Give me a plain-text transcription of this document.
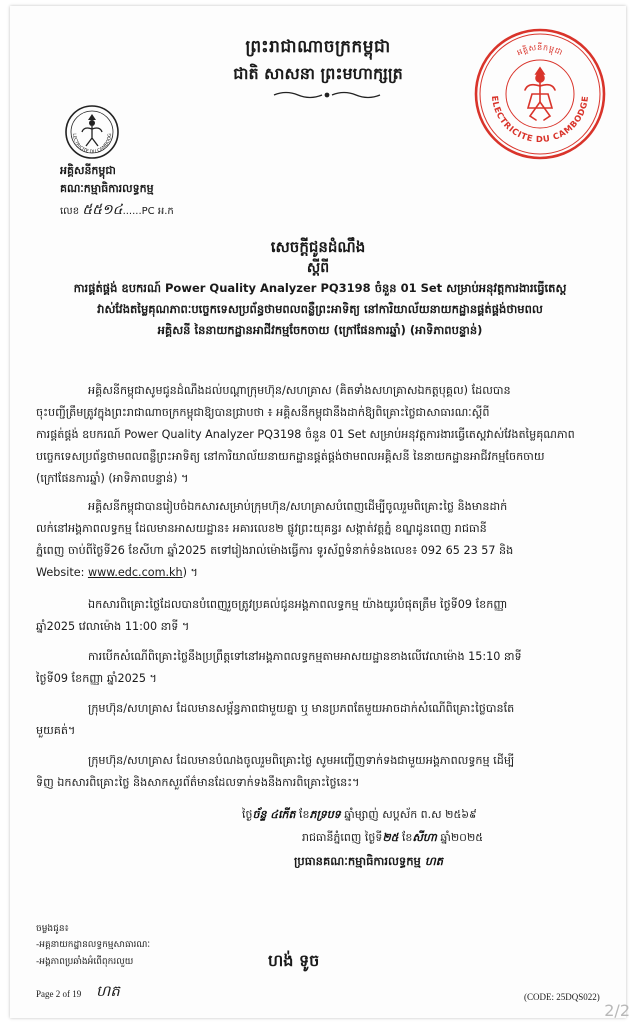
ព្រះរាជាណាចក្រកម្ពុជា
ជាតិ សាសនា ព្រះមហាក្សត្រ
ELECTRICITE DU CAMBODGE
អគ្គិសនីកម្ពុជា
LECTRICITE DU CAMBODG
អគ្គិសនីកម្ពុជា
គណៈកម្មាធិការលទ្ធកម្ម
លេខ ៥៥១៤......PC អ.ក
សេចក្តីជូនដំណឹង
ស្តីពី
ការផ្គត់ផ្គង់ ឧបករណ៍ Power Quality Analyzer PQ3198 ចំនួន 01 Set សម្រាប់អនុវត្តការងារធ្វើតេស្ត
វាស់វែងតម្លៃគុណភាពៈបច្ចេកទេសប្រព័ន្ធថាមពលពន្លឺព្រះអាទិត្យ នៅការិយាល័យនាយកដ្ឋានផ្គត់ផ្គង់ថាមពល
អគ្គិសនី នៃនាយកដ្ឋានអាជីវកម្មចែកចាយ (ក្រៅផែនការឆ្នាំ) (អាទិភាពបន្ទាន់)
អគ្គិសនីកម្ពុជាសូមជូនដំណឹងដល់បណ្តាក្រុមហ៊ុន/សហគ្រាស (គិតទាំងសហគ្រាសឯកត្តបុគ្គល) ដែលបាន
ចុះបញ្ជីត្រឹមត្រូវក្នុងព្រះរាជាណាចក្រកម្ពុជាឱ្យបានជ្រាបថា ៖ អគ្គិសនីកម្ពុជានឹងដាក់ឱ្យពិគ្រោះថ្លៃជាសាធារណៈស្តីពី
ការផ្គត់ផ្គង់ ឧបករណ៍ Power Quality Analyzer PQ3198 ចំនួន 01 Set សម្រាប់អនុវត្តការងារធ្វើតេស្តវាស់វែងតម្លៃគុណភាព
បច្ចេកទេសប្រព័ន្ធថាមពលពន្លឺព្រះអាទិត្យ នៅការិយាល័យនាយកដ្ឋានផ្គត់ផ្គង់ថាមពលអគ្គិសនី នៃនាយកដ្ឋានអាជីវកម្មចែកចាយ
(ក្រៅផែនការឆ្នាំ) (អាទិភាពបន្ទាន់) ។
អគ្គិសនីកម្ពុជាបានរៀបចំឯកសារសម្រាប់ក្រុមហ៊ុន/សហគ្រាសបំពេញដើម្បីចូលរួមពិគ្រោះថ្លៃ និងមានដាក់
លក់នៅអង្គភាពលទ្ធកម្ម ដែលមានអាសយដ្ឋាន៖ អគារលេខ២ ផ្លូវព្រះយុគន្ធរ សង្កាត់វត្តភ្នំ ខណ្ឌដូនពេញ រាជធានី
ភ្នំពេញ ចាប់ពីថ្ងៃទី26 ខែសីហា ឆ្នាំ2025 តទៅរៀងរាល់ម៉ោងធ្វើការ ទូរស័ព្ទទំនាក់ទំនងលេខ៖ 092 65 23 57 និង
Website: www.edc.com.kh) ។
ឯកសារពិគ្រោះថ្លៃដែលបានបំពេញរួចត្រូវប្រគល់ជូនអង្គភាពលទ្ធកម្ម យ៉ាងយូរបំផុតត្រឹម ថ្ងៃទី09 ខែកញ្ញា
ឆ្នាំ2025 វេលាម៉ោង 11:00 នាទី ។
ការបើកសំណើពិគ្រោះថ្លៃនឹងប្រព្រឹត្តទៅនៅអង្គភាពលទ្ធកម្មតាមអាសយដ្ឋានខាងលើវេលាម៉ោង 15:10 នាទី
ថ្ងៃទី09 ខែកញ្ញា ឆ្នាំ2025 ។
ក្រុមហ៊ុន/សហគ្រាស ដែលមានសម្ព័ន្ធភាពជាមួយគ្នា ឬ មានប្រភពតែមួយអាចដាក់សំណើពិគ្រោះថ្លៃបានតែ
មួយគត់។
ក្រុមហ៊ុន/សហគ្រាស ដែលមានបំណងចូលរួមពិគ្រោះថ្លៃ សូមអញ្ជើញទាក់ទងជាមួយអង្គភាពលទ្ធកម្ម ដើម្បី
ទិញ ឯកសារពិគ្រោះថ្លៃ និងសាកសួរព័ត៌មានដែលទាក់ទងនឹងការពិគ្រោះថ្លៃនេះ។
ថ្ងៃច័ន្ទ ៤កើត ខែភទ្របទ ឆ្នាំម្សាញ់ សប្តស័ក ព.ស ២៥៦៩
រាជធានីភ្នំពេញ ថ្ងៃទី២៥ ខែសីហា ឆ្នាំ២០២៥
ប្រធានគណៈកម្មាធិការលទ្ធកម្ម ហត
ចម្លងជូន៖
-អគ្គនាយកដ្ឋានលទ្ធកម្មសាធារណៈ
-អង្គភាពប្រឆាំងអំពើពុករលួយ	ហង់ ទូច
Page 2 of 19 ហត	(CODE: 25DQS022)
2/2
